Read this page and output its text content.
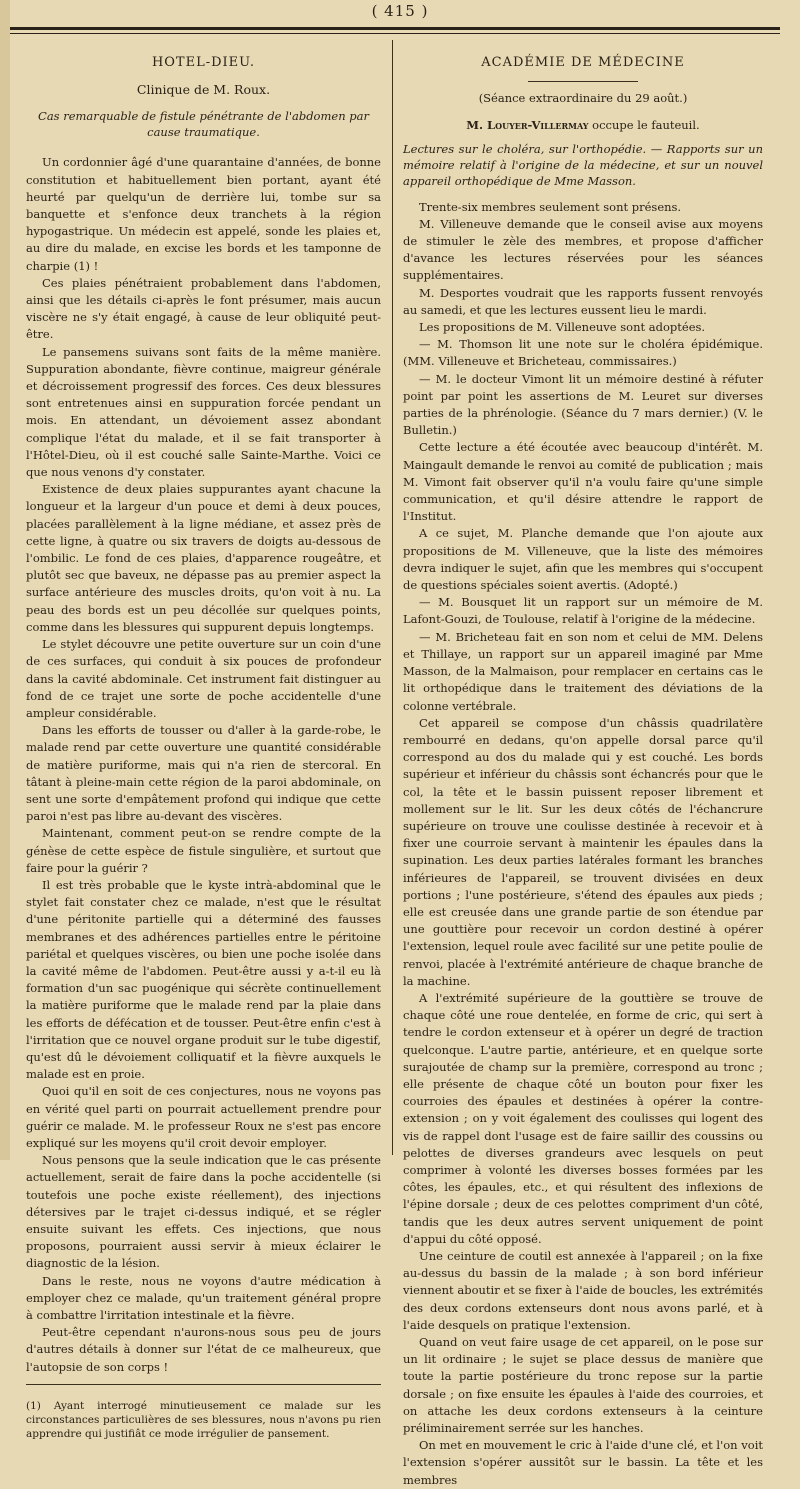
( 415 )
HOTEL-DIEU.
Clinique de M. Roux.
Cas remarquable de fistule pénétrante de l'abdomen par cause traumatique.

Un cordonnier âgé d'une quarantaine d'années, de bonne constitution et habituellement bien portant, ayant été heurté par quelqu'un de derrière lui, tombe sur sa banquette et s'enfonce deux tranchets à la région hypogastrique. Un médecin est appelé, sonde les plaies et, au dire du malade, en excise les bords et les tamponne de charpie (1) !

Ces plaies pénétraient probablement dans l'abdomen, ainsi que les détails ci-après le font présumer, mais aucun viscère ne s'y était engagé, à cause de leur obliquité peut-être.

Le pansemens suivans sont faits de la même manière. Suppuration abondante, fièvre continue, maigreur générale et décroissement progressif des forces. Ces deux blessures sont entretenues ainsi en suppuration forcée pendant un mois. En attendant, un dévoiement assez abondant complique l'état du malade, et il se fait transporter à l'Hôtel-Dieu, où il est couché salle Sainte-Marthe. Voici ce que nous venons d'y constater.

Existence de deux plaies suppurantes ayant chacune la longueur et la largeur d'un pouce et demi à deux pouces, placées parallèlement à la ligne médiane, et assez près de cette ligne, à quatre ou six travers de doigts au-dessous de l'ombilic. Le fond de ces plaies, d'apparence rougeâtre, et plutôt sec que baveux, ne dépasse pas au premier aspect la surface antérieure des muscles droits, qu'on voit à nu. La peau des bords est un peu décollée sur quelques points, comme dans les blessures qui suppurent depuis longtemps.

Le stylet découvre une petite ouverture sur un coin d'une de ces surfaces, qui conduit à six pouces de profondeur dans la cavité abdominale. Cet instrument fait distinguer au fond de ce trajet une sorte de poche accidentelle d'une ampleur considérable.

Dans les efforts de tousser ou d'aller à la garde-robe, le malade rend par cette ouverture une quantité considérable de matière puriforme, mais qui n'a rien de stercoral. En tâtant à pleine-main cette région de la paroi abdominale, on sent une sorte d'empâtement profond qui indique que cette paroi n'est pas libre au-devant des viscères.

Maintenant, comment peut-on se rendre compte de la génèse de cette espèce de fistule singulière, et surtout que faire pour la guérir ?

Il est très probable que le kyste intrà-abdominal que le stylet fait constater chez ce malade, n'est que le résultat d'une péritonite partielle qui a déterminé des fausses membranes et des adhérences partielles entre le péritoine pariétal et quelques viscères, ou bien une poche isolée dans la cavité même de l'abdomen. Peut-être aussi y a-t-il eu là formation d'un sac puogénique qui sécrète continuellement la matière puriforme que le malade rend par la plaie dans les efforts de défécation et de tousser. Peut-être enfin c'est à l'irritation que ce nouvel organe produit sur le tube digestif, qu'est dû le dévoiement colliquatif et la fièvre auxquels le malade est en proie.

Quoi qu'il en soit de ces conjectures, nous ne voyons pas en vérité quel parti on pourrait actuellement prendre pour guérir ce malade. M. le professeur Roux ne s'est pas encore expliqué sur les moyens qu'il croit devoir employer.

Nous pensons que la seule indication que le cas présente actuellement, serait de faire dans la poche accidentelle (si toutefois une poche existe réellement), des injections détersives par le trajet ci-dessus indiqué, et se régler ensuite suivant les effets. Ces injections, que nous proposons, pourraient aussi servir à mieux éclairer le diagnostic de la lésion.

Dans le reste, nous ne voyons d'autre médication à employer chez ce malade, qu'un traitement général propre à combattre l'irritation intestinale et la fièvre.

Peut-être cependant n'aurons-nous sous peu de jours d'autres détails à donner sur l'état de ce malheureux, que l'autopsie de son corps !

(1) Ayant interrogé minutieusement ce malade sur les circonstances particulières de ses blessures, nous n'avons pu rien apprendre qui justifiât ce mode irrégulier de pansement.
ACADÉMIE DE MÉDECINE
(Séance extraordinaire du 29 août.)
M. Louyer-Villermay occupe le fauteuil.
Lectures sur le choléra, sur l'orthopédie. — Rapports sur un mémoire relatif à l'origine de la médecine, et sur un nouvel appareil orthopédique de Mme Masson.

Trente-six membres seulement sont présens.

M. Villeneuve demande que le conseil avise aux moyens de stimuler le zèle des membres, et propose d'afficher d'avance les lectures réservées pour les séances supplémentaires.

M. Desportes voudrait que les rapports fussent renvoyés au samedi, et que les lectures eussent lieu le mardi.

Les propositions de M. Villeneuve sont adoptées.

— M. Thomson lit une note sur le choléra épidémique. (MM. Villeneuve et Bricheteau, commissaires.)

— M. le docteur Vimont lit un mémoire destiné à réfuter point par point les assertions de M. Leuret sur diverses parties de la phrénologie. (Séance du 7 mars dernier.) (V. le Bulletin.)

Cette lecture a été écoutée avec beaucoup d'intérêt. M. Maingault demande le renvoi au comité de publication ; mais M. Vimont fait observer qu'il n'a voulu faire qu'une simple communication, et qu'il désire attendre le rapport de l'Institut.

A ce sujet, M. Planche demande que l'on ajoute aux propositions de M. Villeneuve, que la liste des mémoires devra indiquer le sujet, afin que les membres qui s'occupent de questions spéciales soient avertis. (Adopté.)

— M. Bousquet lit un rapport sur un mémoire de M. Lafont-Gouzi, de Toulouse, relatif à l'origine de la médecine.

— M. Bricheteau fait en son nom et celui de MM. Delens et Thillaye, un rapport sur un appareil imaginé par Mme Masson, de la Malmaison, pour remplacer en certains cas le lit orthopédique dans le traitement des déviations de la colonne vertébrale.

Cet appareil se compose d'un châssis quadrilatère rembourré en dedans, qu'on appelle dorsal parce qu'il correspond au dos du malade qui y est couché. Les bords supérieur et inférieur du châssis sont échancrés pour que le col, la tête et le bassin puissent reposer librement et mollement sur le lit. Sur les deux côtés de l'échancrure supérieure on trouve une coulisse destinée à recevoir et à fixer une courroie servant à maintenir les épaules dans la supination. Les deux parties latérales formant les branches inférieures de l'appareil, se trouvent divisées en deux portions ; l'une postérieure, s'étend des épaules aux pieds ; elle est creusée dans une grande partie de son étendue par une gouttière pour recevoir un cordon destiné à opérer l'extension, lequel roule avec facilité sur une petite poulie de renvoi, placée à l'extrémité antérieure de chaque branche de la machine.

A l'extrémité supérieure de la gouttière se trouve de chaque côté une roue dentelée, en forme de cric, qui sert à tendre le cordon extenseur et à opérer un degré de traction quelconque. L'autre partie, antérieure, et en quelque sorte surajoutée de champ sur la première, correspond au tronc ; elle présente de chaque côté un bouton pour fixer les courroies des épaules et destinées à opérer la contre-extension ; on y voit également des coulisses qui logent des vis de rappel dont l'usage est de faire saillir des coussins ou pelottes de diverses grandeurs avec lesquels on peut comprimer à volonté les diverses bosses formées par les côtes, les épaules, etc., et qui résultent des inflexions de l'épine dorsale ; deux de ces pelottes compriment d'un côté, tandis que les deux autres servent uniquement de point d'appui du côté opposé.

Une ceinture de coutil est annexée à l'appareil ; on la fixe au-dessus du bassin de la malade ; à son bord inférieur viennent aboutir et se fixer à l'aide de boucles, les extrémités des deux cordons extenseurs dont nous avons parlé, et à l'aide desquels on pratique l'extension.

Quand on veut faire usage de cet appareil, on le pose sur un lit ordinaire ; le sujet se place dessus de manière que toute la partie postérieure du tronc repose sur la partie dorsale ; on fixe ensuite les épaules à l'aide des courroies, et on attache les deux cordons extenseurs à la ceinture préliminairement serrée sur les hanches.

On met en mouvement le cric à l'aide d'une clé, et l'on voit l'extension s'opérer aussitôt sur le bassin. La tête et les membres
